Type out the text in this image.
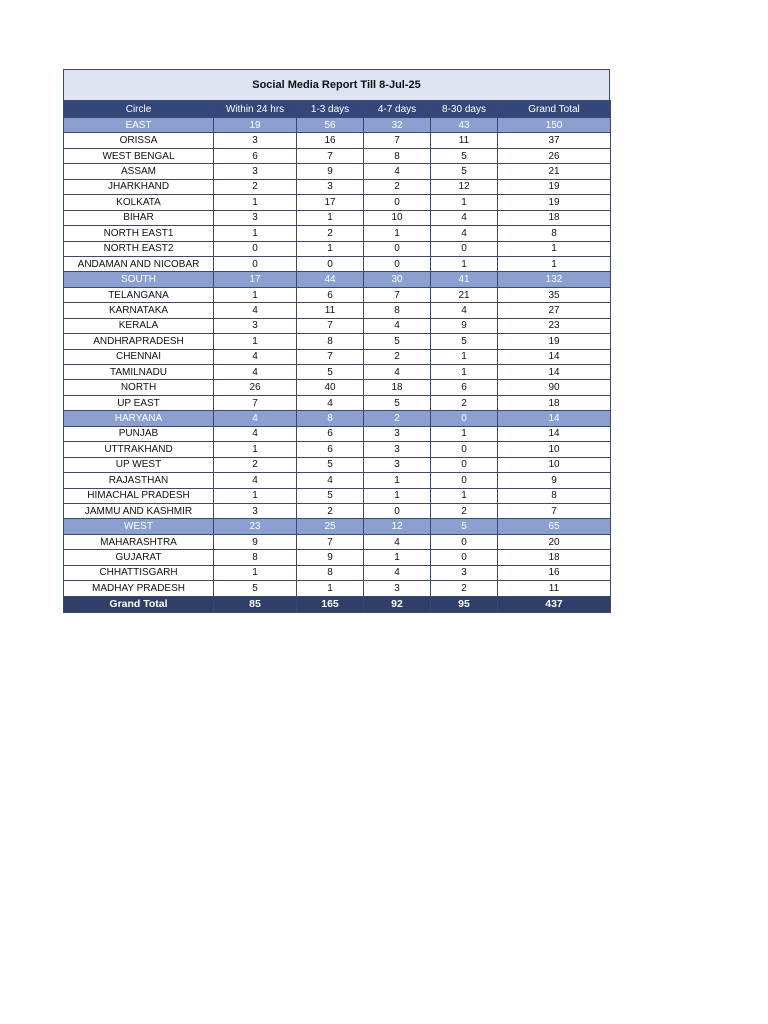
Social Media Report Till 8-Jul-25
Circle	Within 24 hrs	1-3 days	4-7 days	8-30 days	Grand Total
EAST	19	56	32	43	150
ORISSA	3	16	7	11	37
WEST BENGAL	6	7	8	5	26
ASSAM	3	9	4	5	21
JHARKHAND	2	3	2	12	19
KOLKATA	1	17	0	1	19
BIHAR	3	1	10	4	18
NORTH EAST1	1	2	1	4	8
NORTH EAST2	0	1	0	0	1
ANDAMAN AND NICOBAR	0	0	0	1	1
SOUTH	17	44	30	41	132
TELANGANA	1	6	7	21	35
KARNATAKA	4	11	8	4	27
KERALA	3	7	4	9	23
ANDHRAPRADESH	1	8	5	5	19
CHENNAI	4	7	2	1	14
TAMILNADU	4	5	4	1	14
NORTH	26	40	18	6	90
UP EAST	7	4	5	2	18
HARYANA	4	8	2	0	14
PUNJAB	4	6	3	1	14
UTTRAKHAND	1	6	3	0	10
UP WEST	2	5	3	0	10
RAJASTHAN	4	4	1	0	9
HIMACHAL PRADESH	1	5	1	1	8
JAMMU AND KASHMIR	3	2	0	2	7
WEST	23	25	12	5	65
MAHARASHTRA	9	7	4	0	20
GUJARAT	8	9	1	0	18
CHHATTISGARH	1	8	4	3	16
MADHAY PRADESH	5	1	3	2	11
Grand Total	85	165	92	95	437
